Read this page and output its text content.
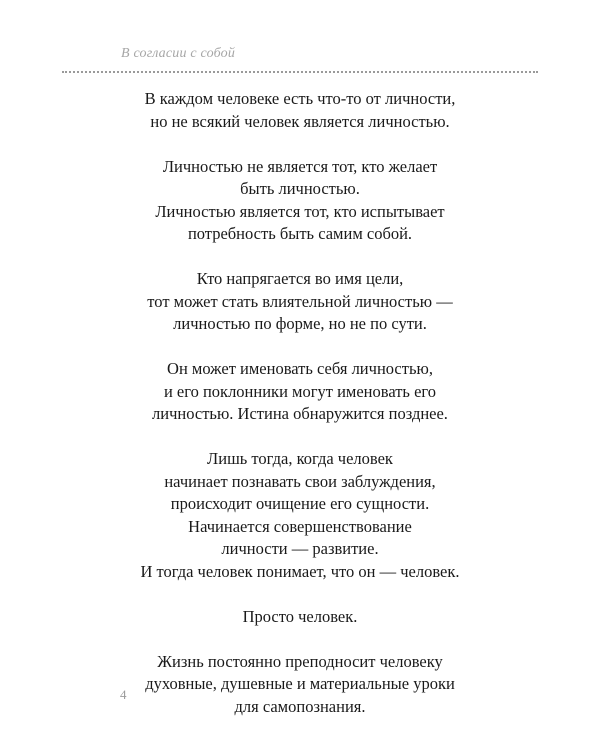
В согласии с собой
В каждом человеке есть что-то от личности,
но не всякий человек является личностью.
Личностью не является тот, кто желает
быть личностью.
Личностью является тот, кто испытывает
потребность быть самим собой.
Кто напрягается во имя цели,
тот может стать влиятельной личностью —
личностью по форме, но не по сути.
Он может именовать себя личностью,
и его поклонники могут именовать его
личностью. Истина обнаружится позднее.
Лишь тогда, когда человек
начинает познавать свои заблуждения,
происходит очищение его сущности.
Начинается совершенствование
личности — развитие.
И тогда человек понимает, что он — человек.
Просто человек.
Жизнь постоянно преподносит человеку
духовные, душевные и материальные уроки
для самопознания.
4
